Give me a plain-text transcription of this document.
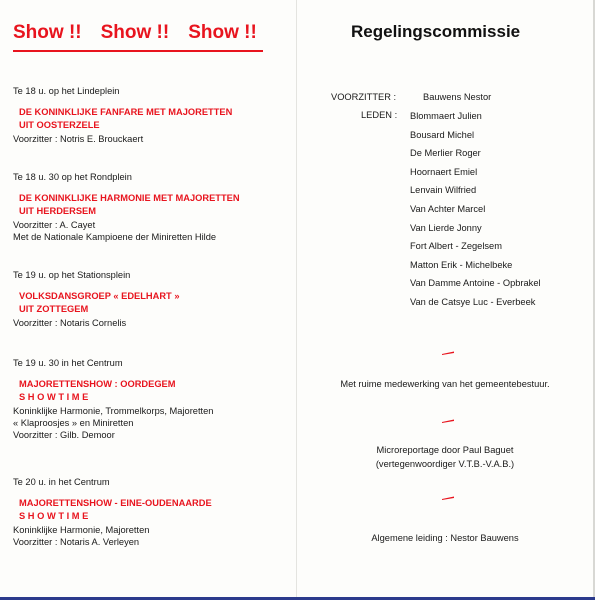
Show !! Show !! Show !!
Te 18 u. op het Lindeplein
DE KONINKLIJKE FANFARE MET MAJORETTEN
UIT OOSTERZELE
Voorzitter : Notris E. Brouckaert
Te 18 u. 30 op het Rondplein
DE KONINKLIJKE HARMONIE MET MAJORETTEN
UIT HERDERSEM
Voorzitter : A. Cayet
Met de Nationale Kampioene der Miniretten Hilde
Te 19 u. op het Stationsplein
VOLKSDANSGROEP « EDELHART »
UIT ZOTTEGEM
Voorzitter : Notaris Cornelis
Te 19 u. 30 in het Centrum
MAJORETTENSHOW : OORDEGEM
SHOWTIME
Koninklijke Harmonie, Trommelkorps, Majoretten
« Klaproosjes » en Miniretten
Voorzitter : Gilb. Demoor
Te 20 u. in het Centrum
MAJORETTENSHOW - EINE-OUDENAARDE
SHOWTIME
Koninklijke Harmonie, Majoretten
Voorzitter : Notaris A. Verleyen
Regelingscommissie
VOORZITTER :	Bauwens Nestor
LEDEN : Blommaert Julien
Bousard Michel
De Merlier Roger
Hoornaert Emiel
Lenvain Wilfried
Van Achter Marcel
Van Lierde Jonny
Fort Albert - Zegelsem
Matton Erik - Michelbeke
Van Damme Antoine - Opbrakel
Van de Catsye Luc - Everbeek
Met ruime medewerking van het gemeentebestuur.
Microreportage door Paul Baguet
(vertegenwoordiger V.T.B.-V.A.B.)
Algemene leiding : Nestor Bauwens
